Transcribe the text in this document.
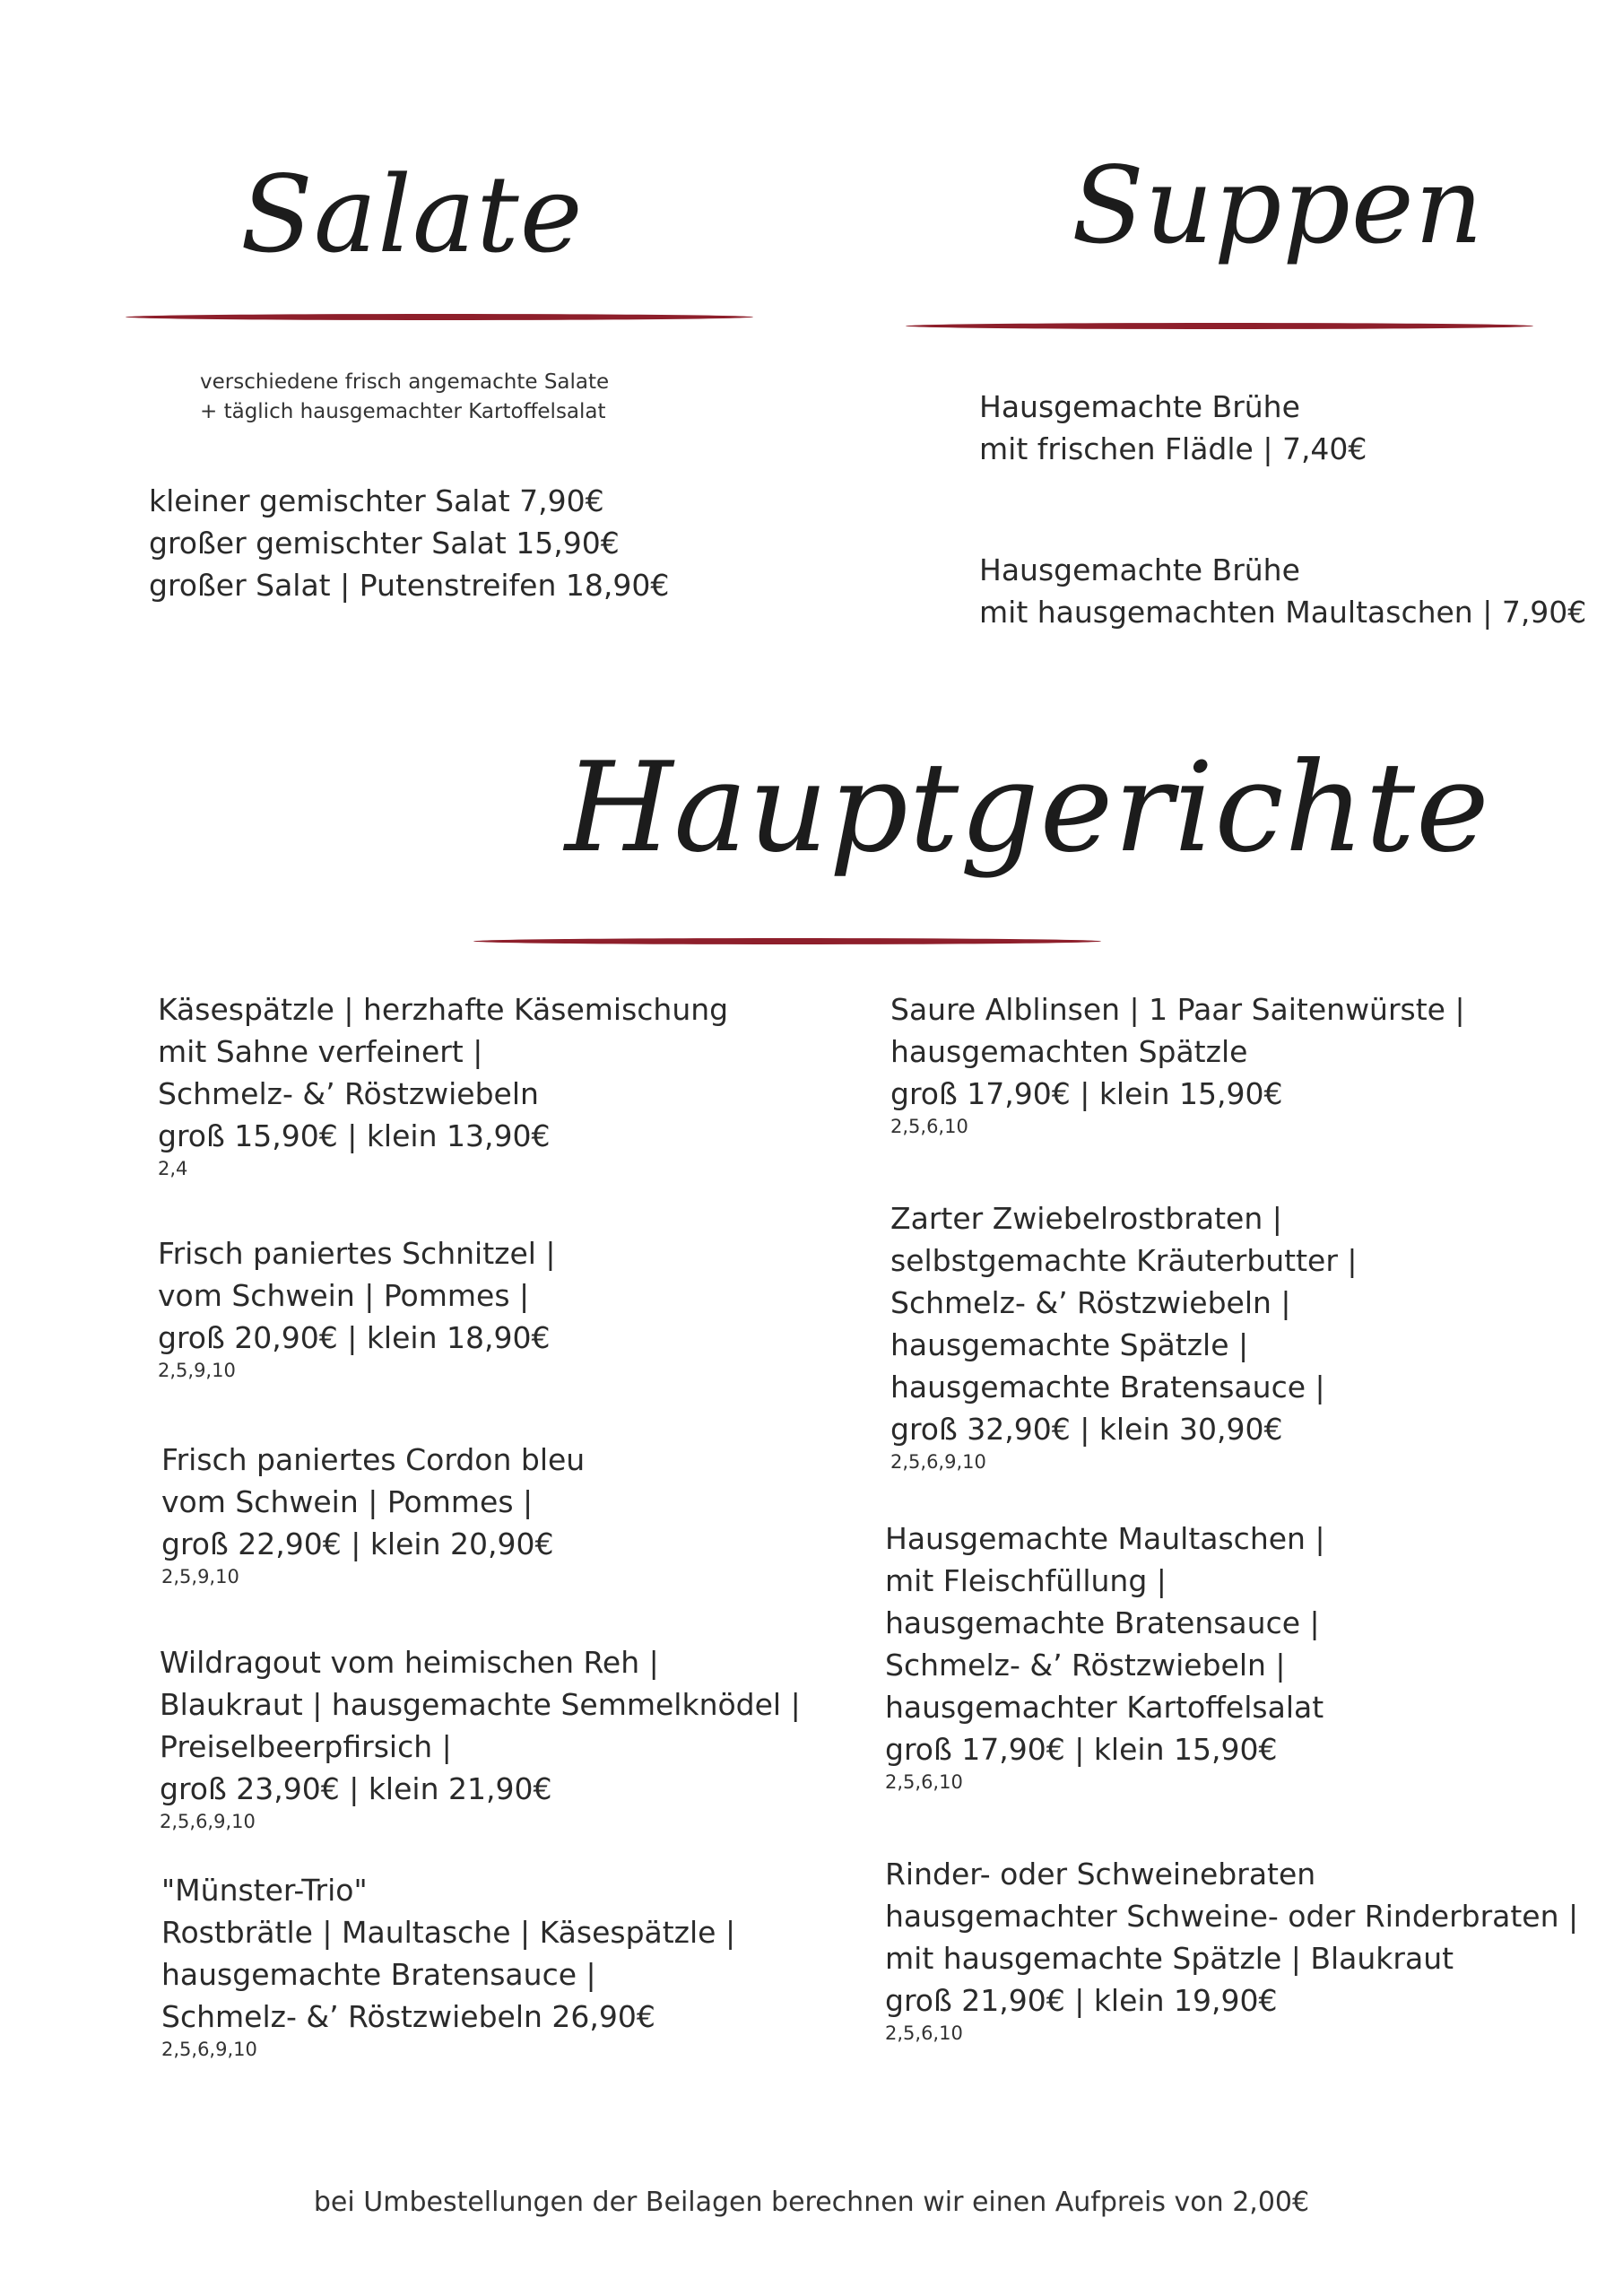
Salate	Suppen
Hauptgerichte
verschiedene frisch angemachte Salate
+ täglich hausgemachter Kartoffelsalat
kleiner gemischter Salat 7,90€
großer gemischter Salat 15,90€
großer Salat | Putenstreifen 18,90€
Hausgemachte Brühe
mit frischen Flädle | 7,40€
Hausgemachte Brühe
mit hausgemachten Maultaschen | 7,90€
Käsespätzle | herzhafte Käsemischung
mit Sahne verfeinert |
Schmelz- &’ Röstzwiebeln
groß 15,90€ | klein 13,90€
2,4
Frisch paniertes Schnitzel |
vom Schwein | Pommes |
groß 20,90€ | klein 18,90€
2,5,9,10
Frisch paniertes Cordon bleu
vom Schwein | Pommes |
groß 22,90€ | klein 20,90€
2,5,9,10
Wildragout vom heimischen Reh |
Blaukraut | hausgemachte Semmelknödel |
Preiselbeerpfirsich |
groß 23,90€ | klein 21,90€
2,5,6,9,10
"Münster-Trio"
Rostbrätle | Maultasche | Käsespätzle |
hausgemachte Bratensauce |
Schmelz- &’ Röstzwiebeln 26,90€
2,5,6,9,10
Saure Alblinsen | 1 Paar Saitenwürste |
hausgemachten Spätzle
groß 17,90€ | klein 15,90€
2,5,6,10
Zarter Zwiebelrostbraten |
selbstgemachte Kräuterbutter |
Schmelz- &’ Röstzwiebeln |
hausgemachte Spätzle |
hausgemachte Bratensauce |
groß 32,90€ | klein 30,90€
2,5,6,9,10
Hausgemachte Maultaschen |
mit Fleischfüllung |
hausgemachte Bratensauce |
Schmelz- &’ Röstzwiebeln |
hausgemachter Kartoffelsalat
groß 17,90€ | klein 15,90€
2,5,6,10
Rinder- oder Schweinebraten
hausgemachter Schweine- oder Rinderbraten |
mit hausgemachte Spätzle | Blaukraut
groß 21,90€ | klein 19,90€
2,5,6,10
bei Umbestellungen der Beilagen berechnen wir einen Aufpreis von 2,00€
